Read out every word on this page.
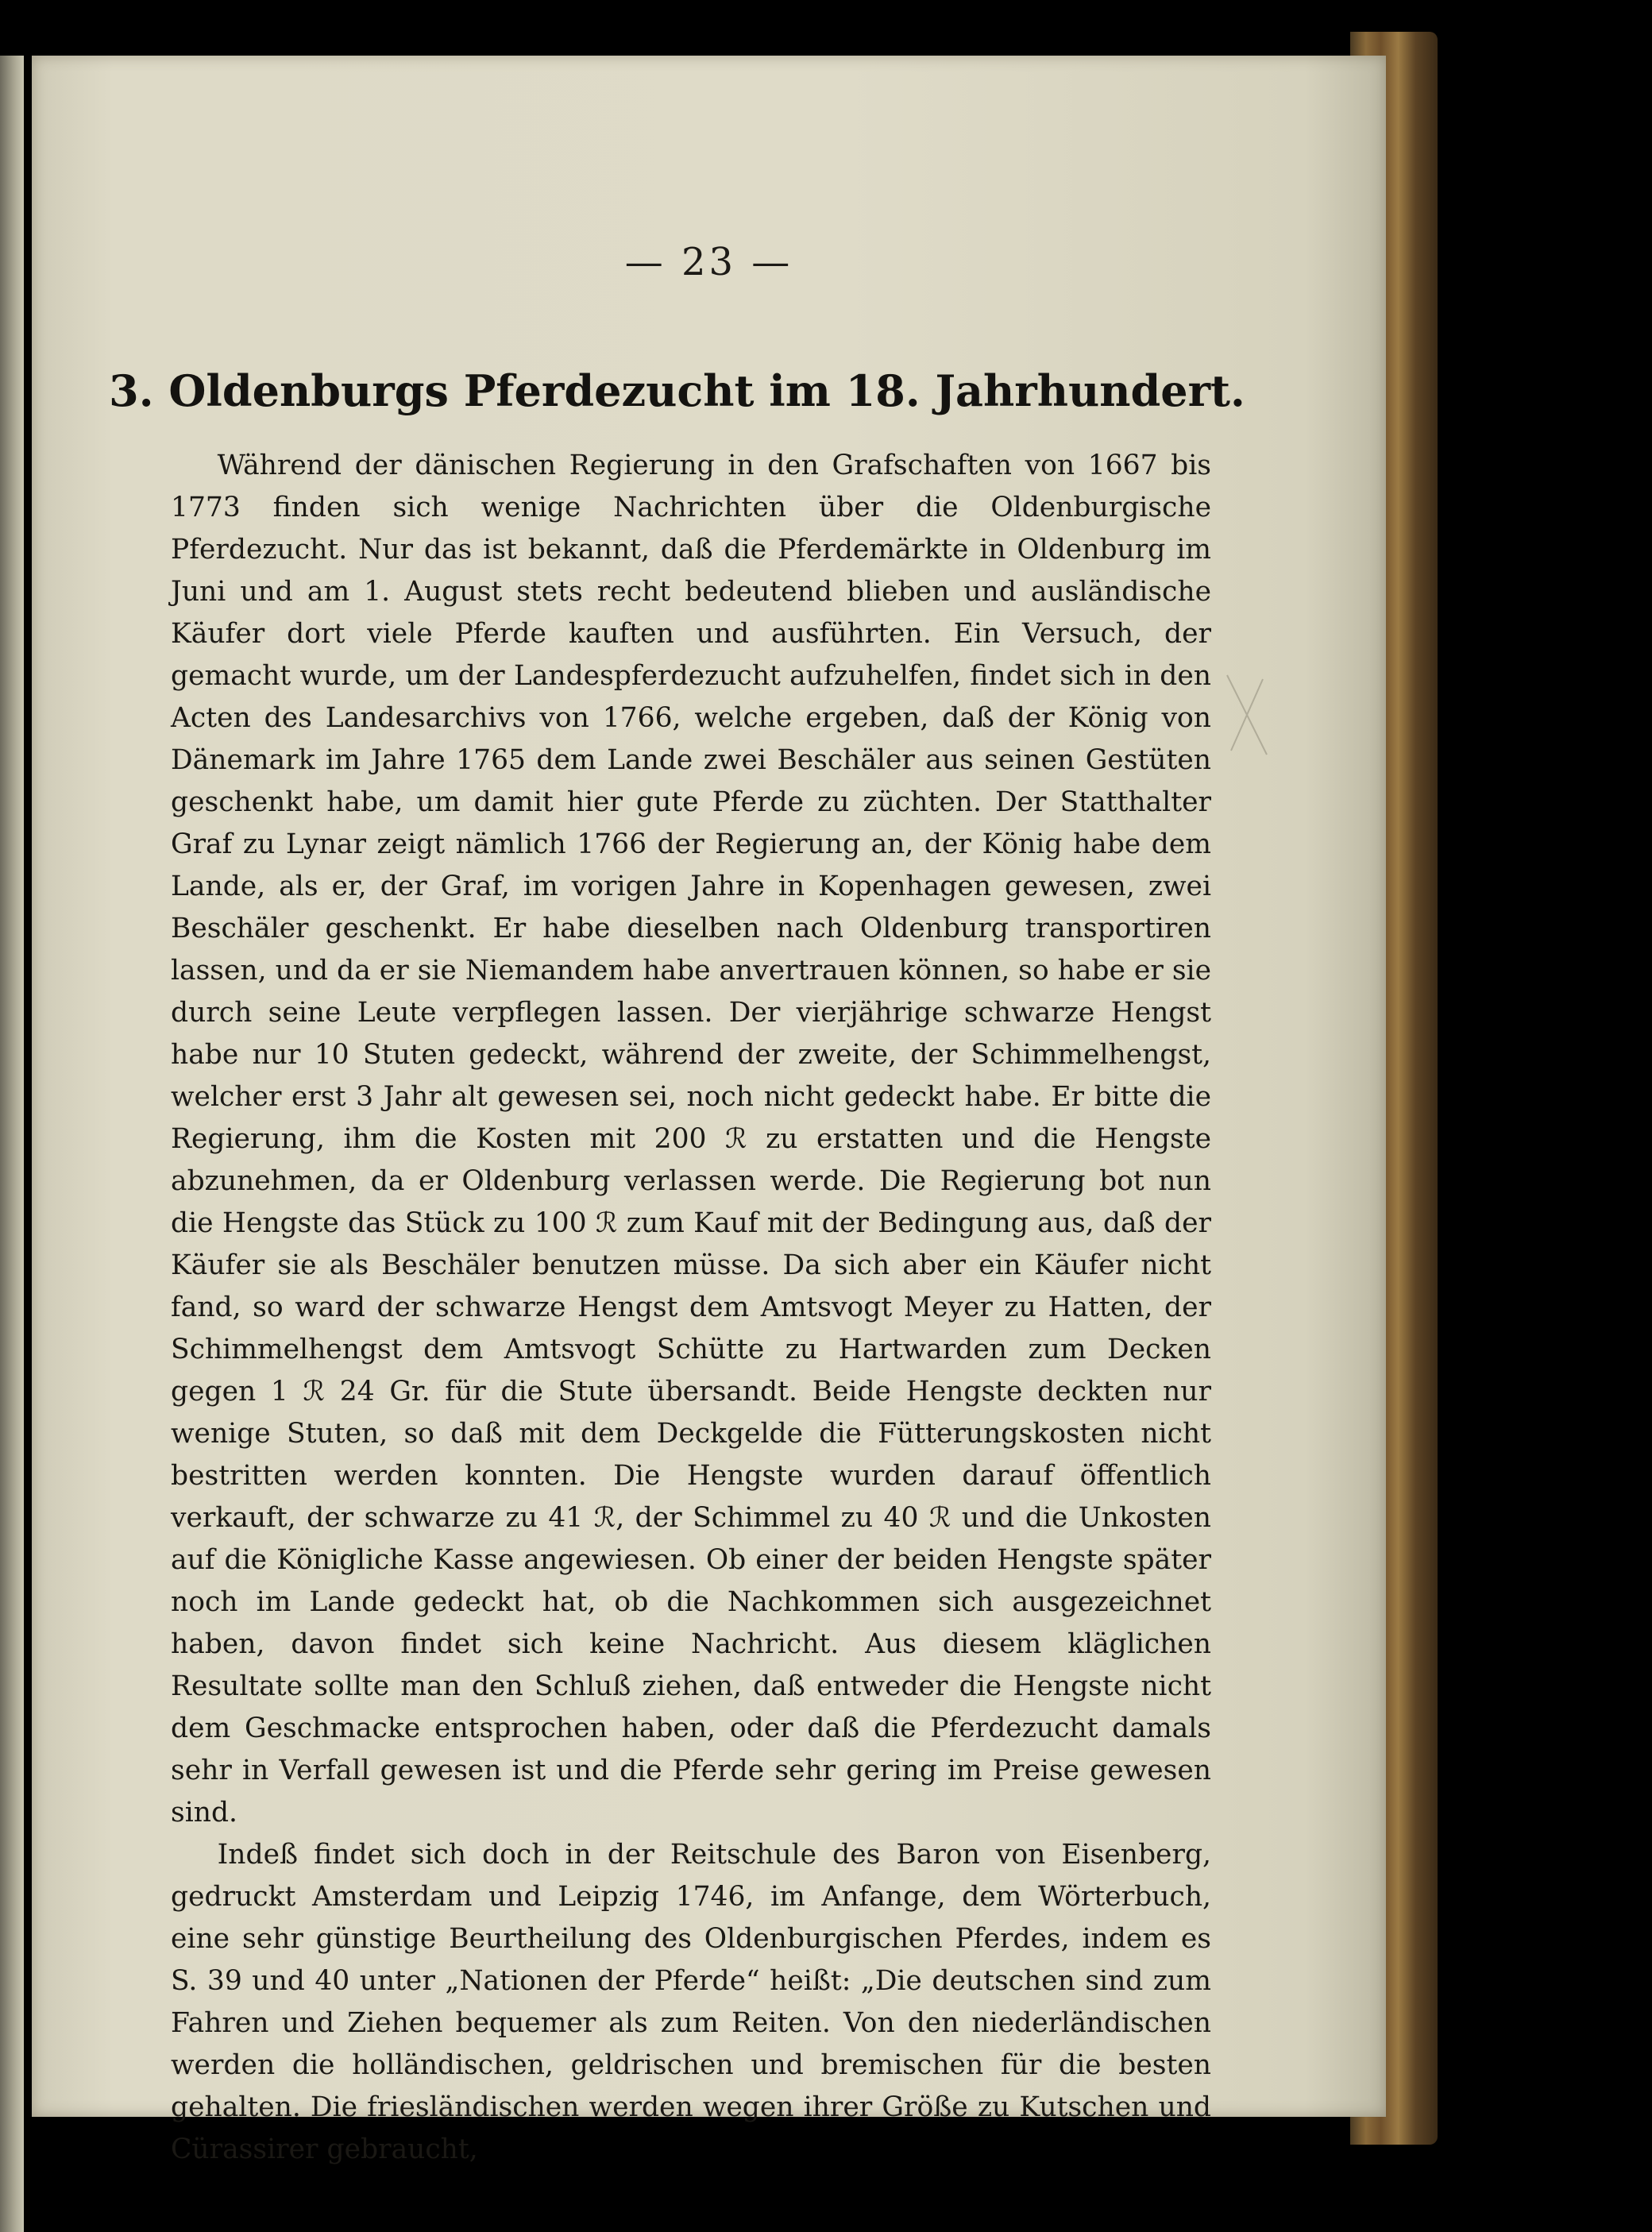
— 23 —
3. Oldenburgs Pferdezucht im 18. Jahrhundert.

Während der dänischen Regierung in den Grafschaften von 1667 bis 1773 finden sich wenige Nachrichten über die Oldenburgische Pferdezucht. Nur das ist bekannt, daß die Pferdemärkte in Oldenburg im Juni und am 1. August stets recht bedeutend blieben und ausländische Käufer dort viele Pferde kauften und ausführten. Ein Versuch, der gemacht wurde, um der Landespferdezucht aufzuhelfen, findet sich in den Acten des Landesarchivs von 1766, welche ergeben, daß der König von Dänemark im Jahre 1765 dem Lande zwei Beschäler aus seinen Gestüten geschenkt habe, um damit hier gute Pferde zu züchten. Der Statthalter Graf zu Lynar zeigt nämlich 1766 der Regierung an, der König habe dem Lande, als er, der Graf, im vorigen Jahre in Kopenhagen gewesen, zwei Beschäler geschenkt. Er habe dieselben nach Oldenburg transportiren lassen, und da er sie Niemandem habe anvertrauen können, so habe er sie durch seine Leute verpflegen lassen. Der vierjährige schwarze Hengst habe nur 10 Stuten gedeckt, während der zweite, der Schimmelhengst, welcher erst 3 Jahr alt gewesen sei, noch nicht gedeckt habe. Er bitte die Regierung, ihm die Kosten mit 200 ℛ zu erstatten und die Hengste abzunehmen, da er Oldenburg verlassen werde. Die Regierung bot nun die Hengste das Stück zu 100 ℛ zum Kauf mit der Bedingung aus, daß der Käufer sie als Beschäler benutzen müsse. Da sich aber ein Käufer nicht fand, so ward der schwarze Hengst dem Amtsvogt Meyer zu Hatten, der Schimmelhengst dem Amtsvogt Schütte zu Hartwarden zum Decken gegen 1 ℛ 24 Gr. für die Stute übersandt. Beide Hengste deckten nur wenige Stuten, so daß mit dem Deckgelde die Fütterungskosten nicht bestritten werden konnten. Die Hengste wurden darauf öffentlich verkauft, der schwarze zu 41 ℛ, der Schimmel zu 40 ℛ und die Unkosten auf die Königliche Kasse angewiesen. Ob einer der beiden Hengste später noch im Lande gedeckt hat, ob die Nachkommen sich ausgezeichnet haben, davon findet sich keine Nachricht. Aus diesem kläglichen Resultate sollte man den Schluß ziehen, daß entweder die Hengste nicht dem Geschmacke entsprochen haben, oder daß die Pferdezucht damals sehr in Verfall gewesen ist und die Pferde sehr gering im Preise gewesen sind.

Indeß findet sich doch in der Reitschule des Baron von Eisenberg, gedruckt Amsterdam und Leipzig 1746, im Anfange, dem Wörterbuch, eine sehr günstige Beurtheilung des Oldenburgischen Pferdes, indem es S. 39 und 40 unter „Nationen der Pferde“ heißt: „Die deutschen sind zum Fahren und Ziehen bequemer als zum Reiten. Von den niederländischen werden die holländischen, geldrischen und bremischen für die besten gehalten. Die friesländischen werden wegen ihrer Größe zu Kutschen und Cürassirer gebraucht,
